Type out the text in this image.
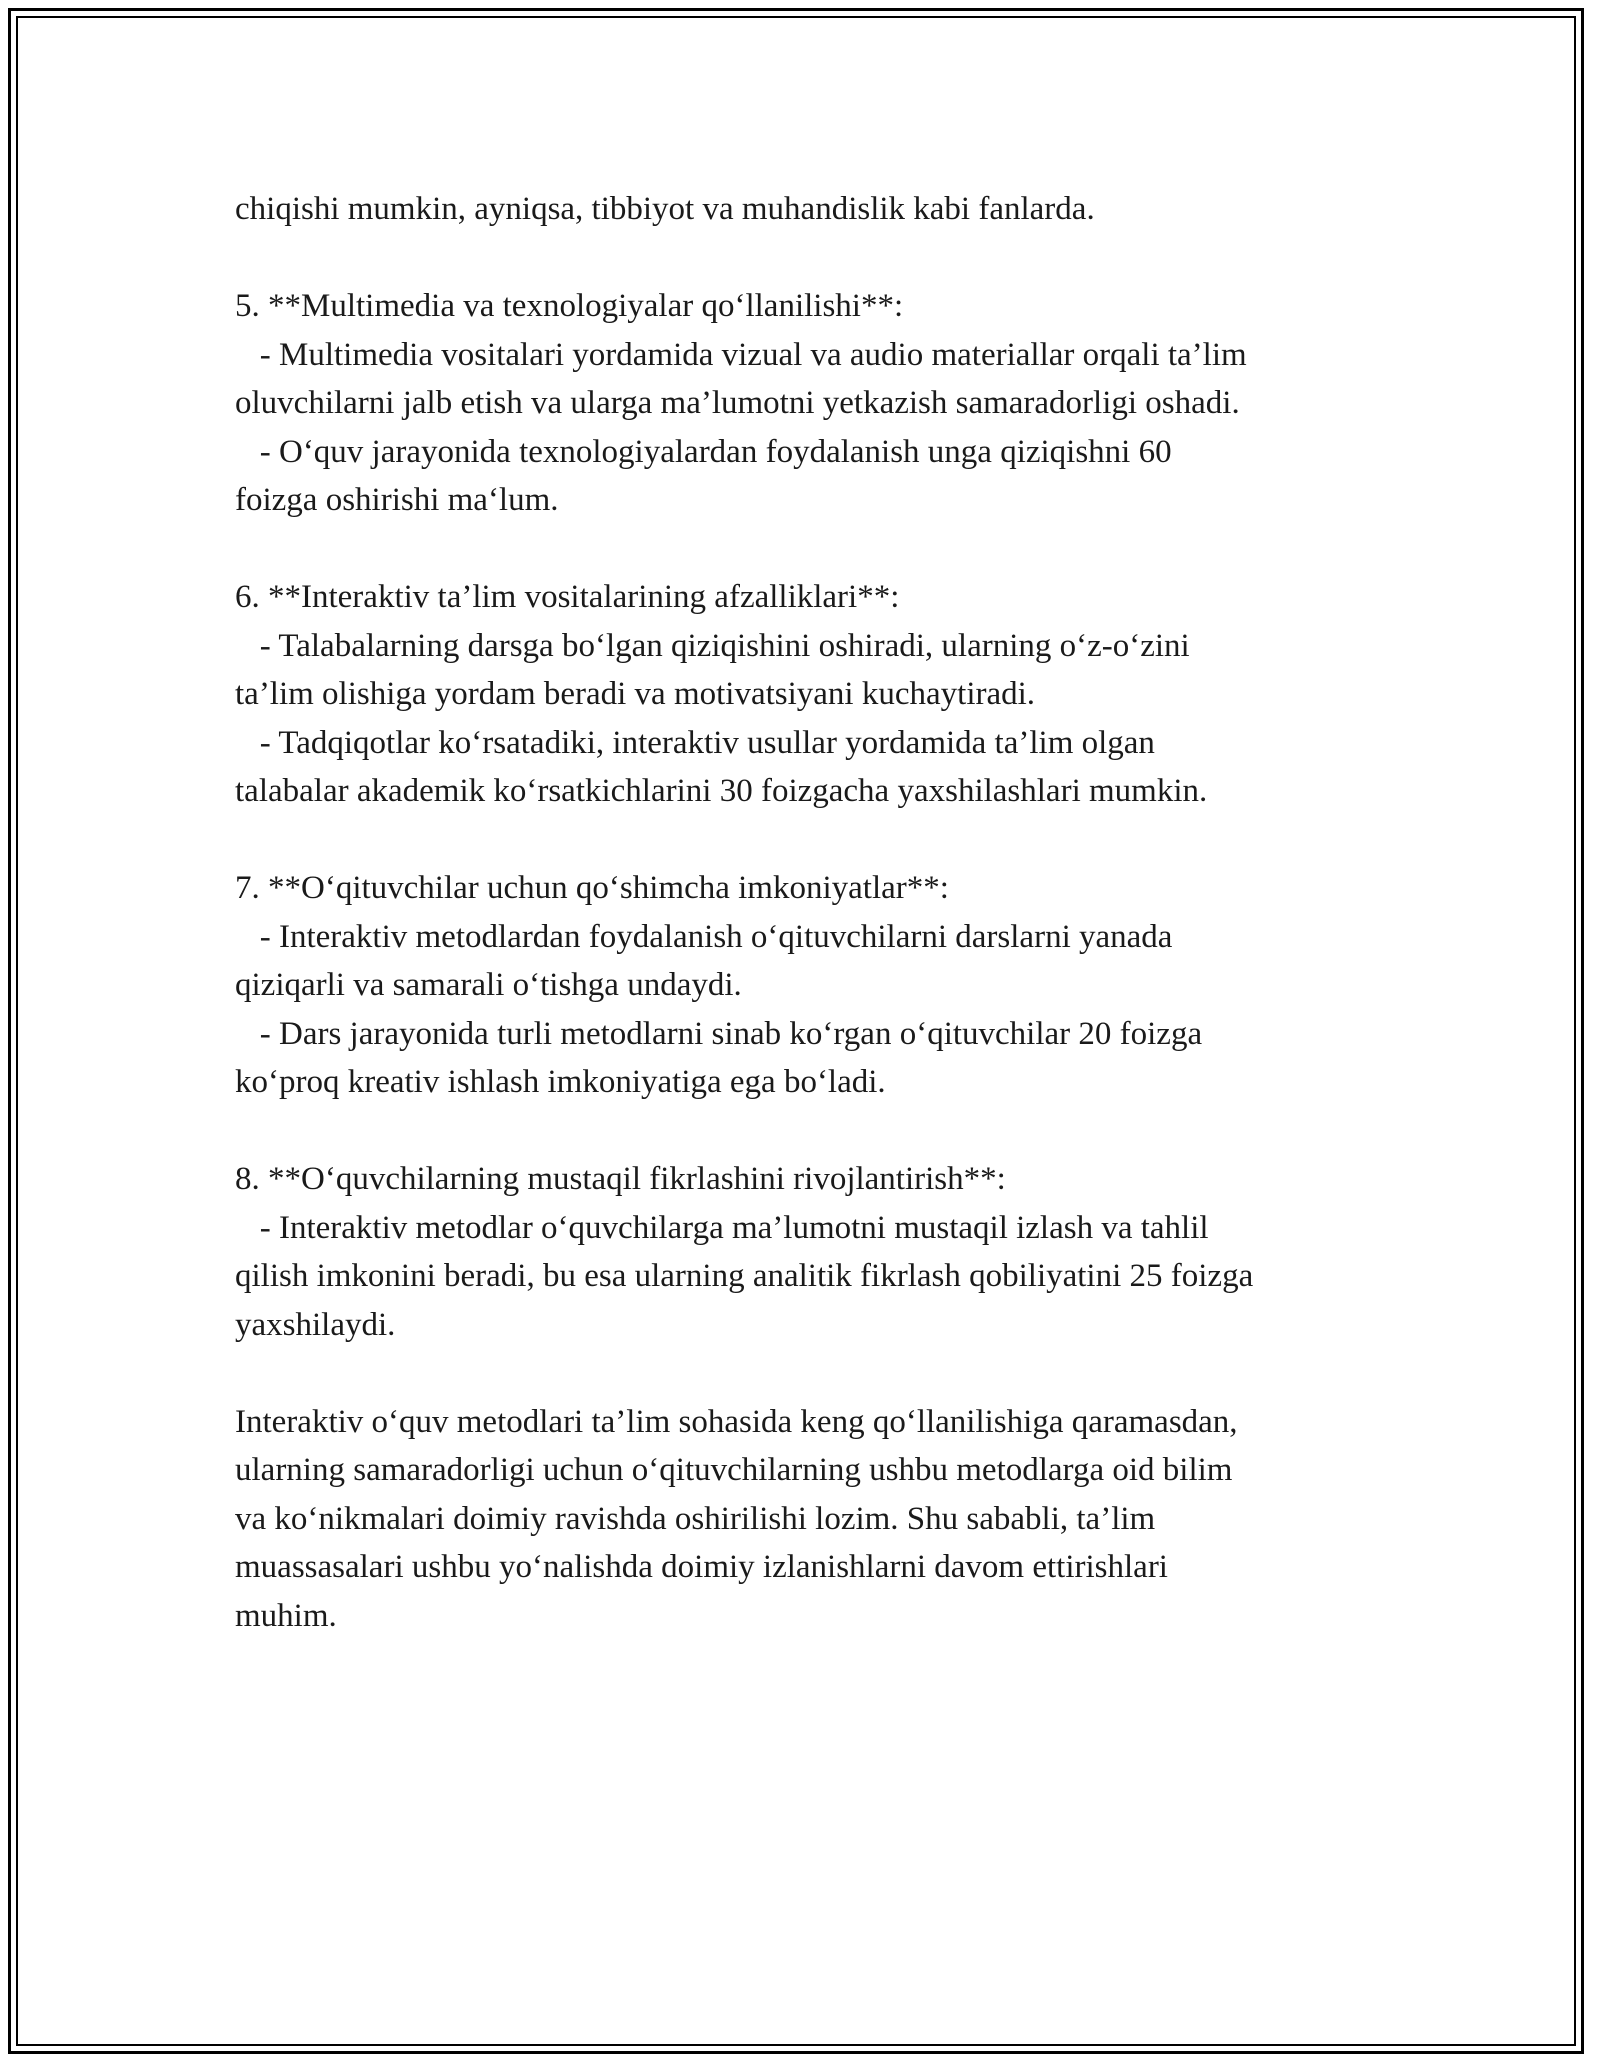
chiqishi mumkin, ayniqsa, tibbiyot va muhandislik kabi fanlarda.

5. **Multimedia va texnologiyalar qo‘llanilishi**:
- Multimedia vositalari yordamida vizual va audio materiallar orqali ta’lim
oluvchilarni jalb etish va ularga ma’lumotni yetkazish samaradorligi oshadi.
- O‘quv jarayonida texnologiyalardan foydalanish unga qiziqishni 60
foizga oshirishi ma‘lum.

6. **Interaktiv ta’lim vositalarining afzalliklari**:
- Talabalarning darsga bo‘lgan qiziqishini oshiradi, ularning o‘z-o‘zini
ta’lim olishiga yordam beradi va motivatsiyani kuchaytiradi.
- Tadqiqotlar ko‘rsatadiki, interaktiv usullar yordamida ta’lim olgan
talabalar akademik ko‘rsatkichlarini 30 foizgacha yaxshilashlari mumkin.

7. **O‘qituvchilar uchun qo‘shimcha imkoniyatlar**:
- Interaktiv metodlardan foydalanish o‘qituvchilarni darslarni yanada
qiziqarli va samarali o‘tishga undaydi.
- Dars jarayonida turli metodlarni sinab ko‘rgan o‘qituvchilar 20 foizga
ko‘proq kreativ ishlash imkoniyatiga ega bo‘ladi.

8. **O‘quvchilarning mustaqil fikrlashini rivojlantirish**:
- Interaktiv metodlar o‘quvchilarga ma’lumotni mustaqil izlash va tahlil
qilish imkonini beradi, bu esa ularning analitik fikrlash qobiliyatini 25 foizga
yaxshilaydi.

Interaktiv o‘quv metodlari ta’lim sohasida keng qo‘llanilishiga qaramasdan,
ularning samaradorligi uchun o‘qituvchilarning ushbu metodlarga oid bilim
va ko‘nikmalari doimiy ravishda oshirilishi lozim. Shu sababli, ta’lim
muassasalari ushbu yo‘nalishda doimiy izlanishlarni davom ettirishlari
muhim.
